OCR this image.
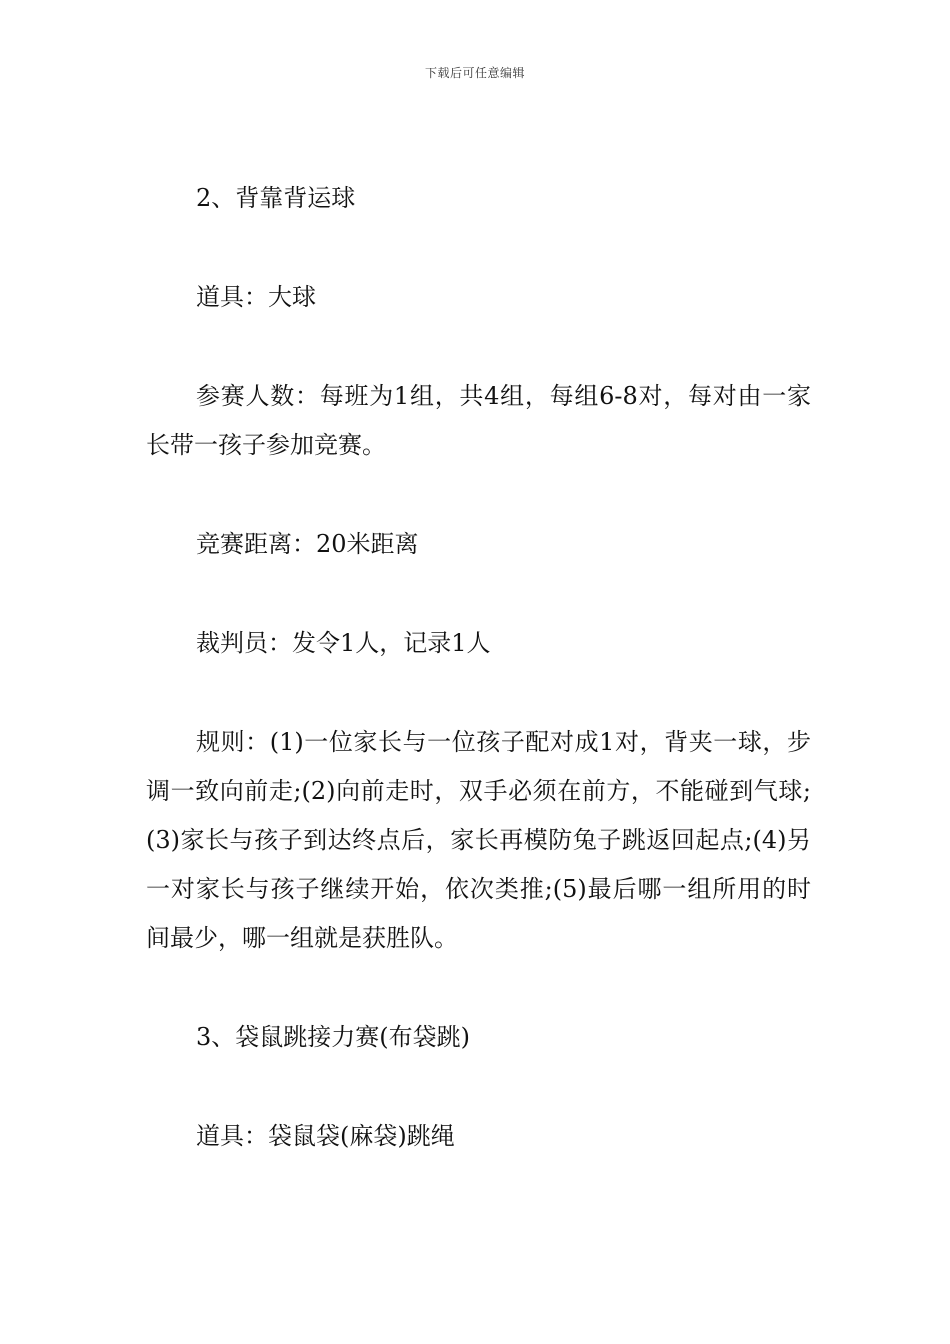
下载后可任意编辑

2、背靠背运球

道具：大球

参赛人数：每班为1组，共4组，每组6-8对，每对由一家长带一孩子参加竞赛。

竞赛距离：20米距离

裁判员：发令1人，记录1人

规则：(1)一位家长与一位孩子配对成1对，背夹一球，步调一致向前走;(2)向前走时，双手必须在前方，不能碰到气球;(3)家长与孩子到达终点后，家长再模防兔子跳返回起点;(4)另一对家长与孩子继续开始，依次类推;(5)最后哪一组所用的时间最少，哪一组就是获胜队。

3、袋鼠跳接力赛(布袋跳)

道具：袋鼠袋(麻袋)跳绳
